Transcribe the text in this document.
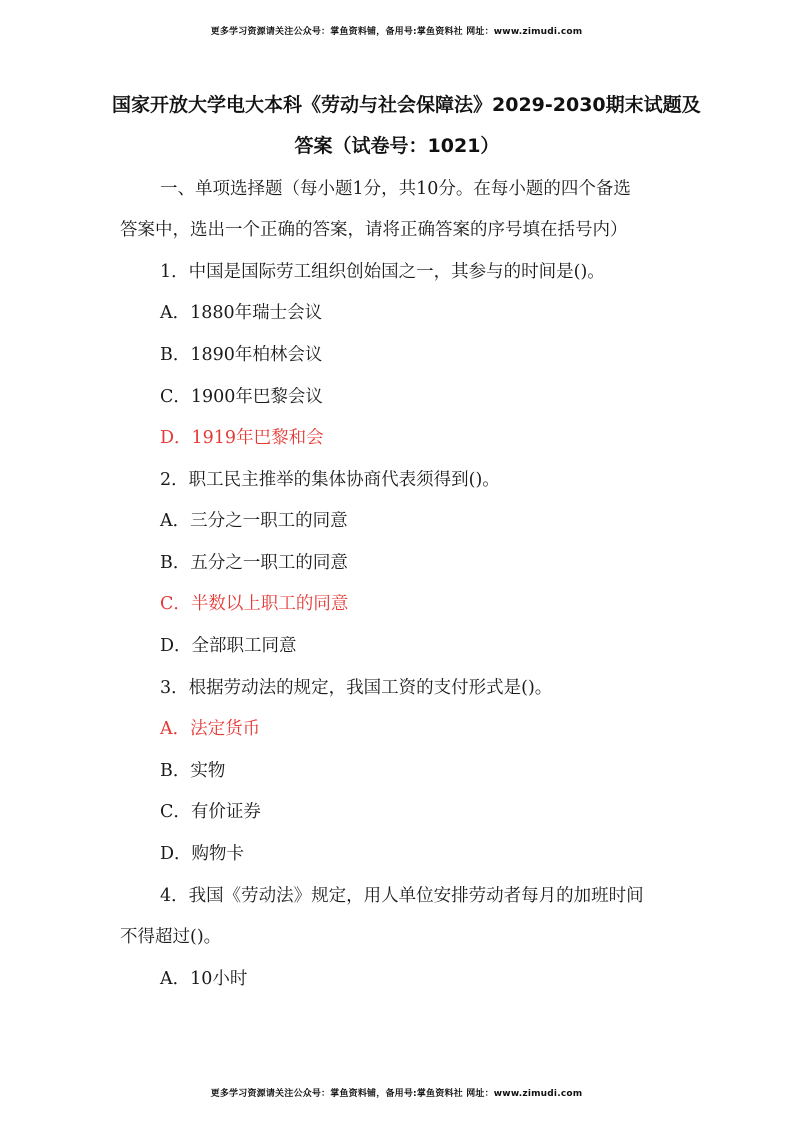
更多学习资源请关注公众号：掌鱼资料铺，备用号:掌鱼资料社 网址：www.zimudi.com
国家开放大学电大本科《劳动与社会保障法》2029-2030期末试题及
答案（试卷号：1021）
一、单项选择题（每小题1分，共10分。在每小题的四个备选
答案中，选出一个正确的答案，请将正确答案的序号填在括号内）
1．中国是国际劳工组织创始国之一，其参与的时间是()。
A．1880年瑞士会议
B．1890年柏林会议
C．1900年巴黎会议
D．1919年巴黎和会
2．职工民主推举的集体协商代表须得到()。
A．三分之一职工的同意
B．五分之一职工的同意
C．半数以上职工的同意
D．全部职工同意
3．根据劳动法的规定，我国工资的支付形式是()。
A．法定货币
B．实物
C．有价证券
D．购物卡
4．我国《劳动法》规定，用人单位安排劳动者每月的加班时间
不得超过()。
A．10小时
更多学习资源请关注公众号：掌鱼资料铺，备用号:掌鱼资料社 网址：www.zimudi.com
